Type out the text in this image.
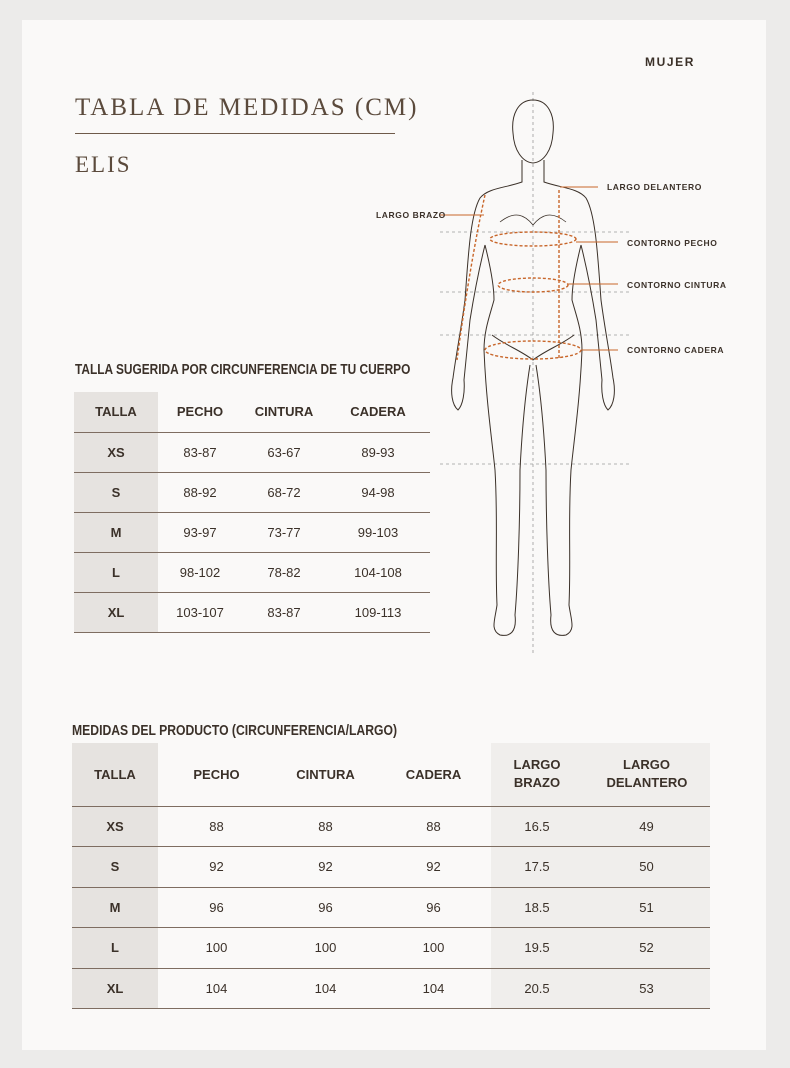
MUJER
TABLA DE MEDIDAS (CM)
ELIS
LARGO DELANTERO
LARGO BRAZO
CONTORNO PECHO
CONTORNO CINTURA
CONTORNO CADERA
TALLA SUGERIDA POR CIRCUNFERENCIA DE TU CUERPO
TALLA	PECHO	CINTURA	CADERA
XS	83-87	63-67	89-93
S	88-92	68-72	94-98
M	93-97	73-77	99-103
L	98-102	78-82	104-108
XL	103-107	83-87	109-113
MEDIDAS DEL PRODUCTO (CIRCUNFERENCIA/LARGO)
TALLA	PECHO	CINTURA	CADERA	LARGO BRAZO	LARGO DELANTERO

XS	88	88	88	16.5	49
S	92	92	92	17.5	50
M	96	96	96	18.5	51
L	100	100	100	19.5	52
XL	104	104	104	20.5	53
